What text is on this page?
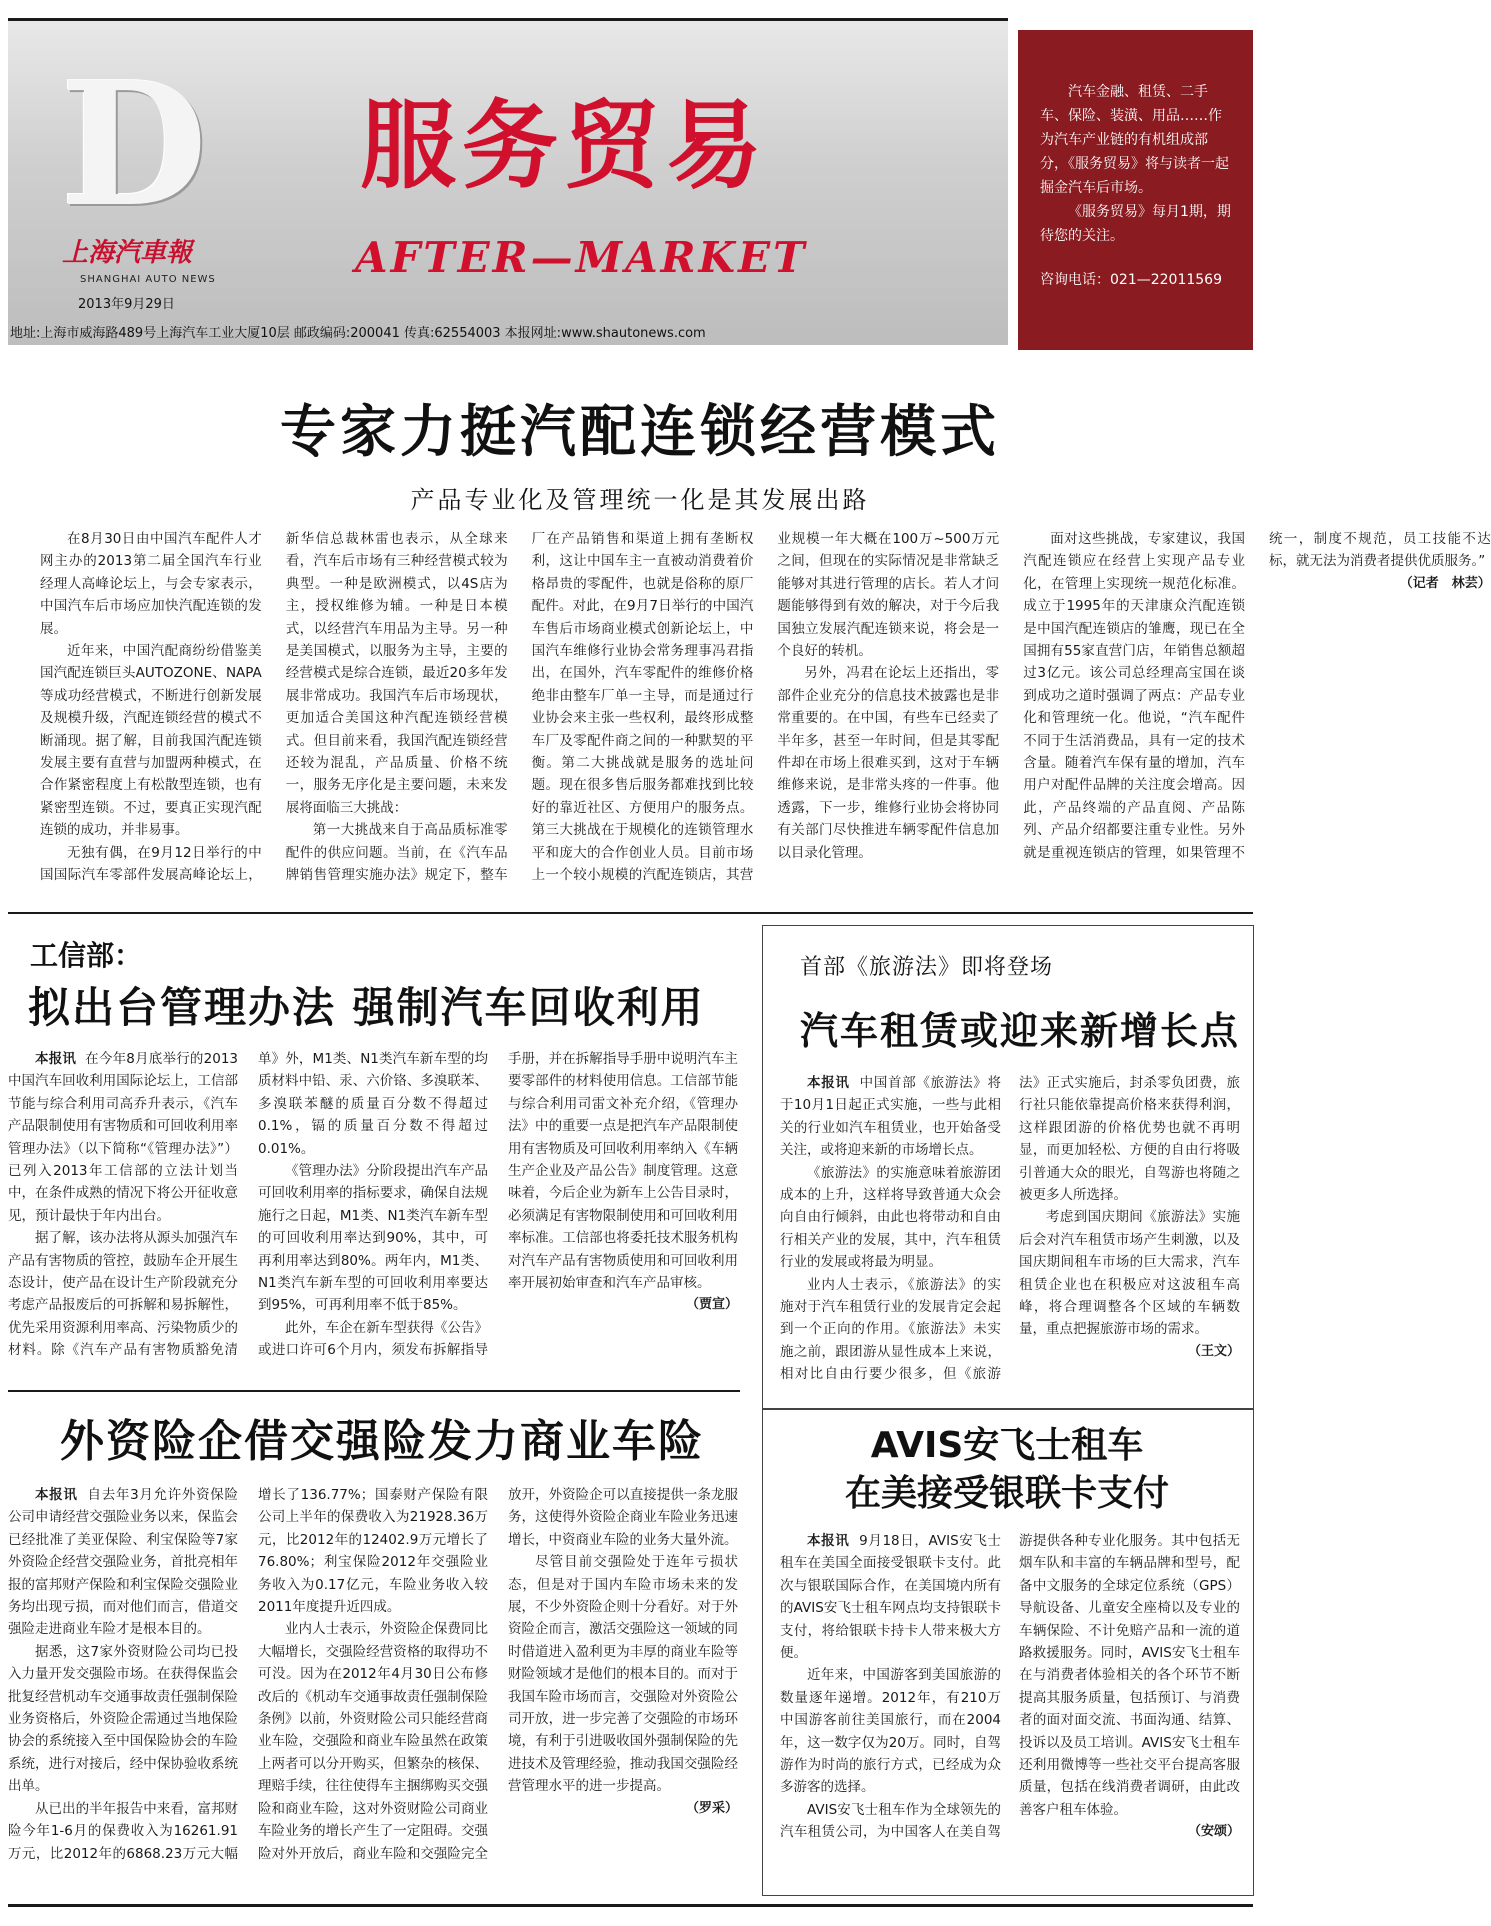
D
上海汽車報
SHANGHAI AUTO NEWS
2013年9月29日
服务贸易
AFTER—MARKET
地址:上海市威海路489号上海汽车工业大厦10层 邮政编码:200041 传真:62554003 本报网址:www.shautonews.com

汽车金融、租赁、二手车、保险、装潢、用品……作为汽车产业链的有机组成部分，《服务贸易》将与读者一起掘金汽车后市场。

《服务贸易》每月1期，期待您的关注。

咨询电话：021—22011569
专家力挺汽配连锁经营模式
产品专业化及管理统一化是其发展出路

在8月30日由中国汽车配件人才网主办的2013第二届全国汽车行业经理人高峰论坛上，与会专家表示，中国汽车后市场应加快汽配连锁的发展。

近年来，中国汽配商纷纷借鉴美国汽配连锁巨头AUTOZONE、NAPA等成功经营模式，不断进行创新发展及规模升级，汽配连锁经营的模式不断涌现。据了解，目前我国汽配连锁发展主要有直营与加盟两种模式，在合作紧密程度上有松散型连锁，也有紧密型连锁。不过，要真正实现汽配连锁的成功，并非易事。

无独有偶，在9月12日举行的中国国际汽车零部件发展高峰论坛上，新华信总裁林雷也表示，从全球来看，汽车后市场有三种经营模式较为典型。一种是欧洲模式，以4S店为主，授权维修为辅。一种是日本模式，以经营汽车用品为主导。另一种是美国模式，以服务为主导，主要的经营模式是综合连锁，最近20多年发展非常成功。我国汽车后市场现状，更加适合美国这种汽配连锁经营模式。但目前来看，我国汽配连锁经营还较为混乱，产品质量、价格不统一，服务无序化是主要问题，未来发展将面临三大挑战：

第一大挑战来自于高品质标准零配件的供应问题。当前，在《汽车品牌销售管理实施办法》规定下，整车厂在产品销售和渠道上拥有垄断权利，这让中国车主一直被动消费着价格昂贵的零配件，也就是俗称的原厂配件。对此，在9月7日举行的中国汽车售后市场商业模式创新论坛上，中国汽车维修行业协会常务理事冯君指出，在国外，汽车零配件的维修价格绝非由整车厂单一主导，而是通过行业协会来主张一些权利，最终形成整车厂及零配件商之间的一种默契的平衡。第二大挑战就是服务的选址问题。现在很多售后服务都难找到比较好的靠近社区、方便用户的服务点。第三大挑战在于规模化的连锁管理水平和庞大的合作创业人员。目前市场上一个较小规模的汽配连锁店，其营业规模一年大概在100万~500万元之间，但现在的实际情况是非常缺乏能够对其进行管理的店长。若人才问题能够得到有效的解决，对于今后我国独立发展汽配连锁来说，将会是一个良好的转机。

另外，冯君在论坛上还指出，零部件企业充分的信息技术披露也是非常重要的。在中国，有些车已经卖了半年多，甚至一年时间，但是其零配件却在市场上很难买到，这对于车辆维修来说，是非常头疼的一件事。他透露，下一步，维修行业协会将协同有关部门尽快推进车辆零配件信息加以目录化管理。

面对这些挑战，专家建议，我国汽配连锁应在经营上实现产品专业化，在管理上实现统一规范化标准。成立于1995年的天津康众汽配连锁是中国汽配连锁店的雏鹰，现已在全国拥有55家直营门店，年销售总额超过3亿元。该公司总经理高宝国在谈到成功之道时强调了两点：产品专业化和管理统一化。他说，“汽车配件不同于生活消费品，具有一定的技术含量。随着汽车保有量的增加，汽车用户对配件品牌的关注度会增高。因此，产品终端的产品直阅、产品陈列、产品介绍都要注重专业性。另外就是重视连锁店的管理，如果管理不统一，制度不规范，员工技能不达标，就无法为消费者提供优质服务。”

（记者　林芸）
工信部：
拟出台管理办法 强制汽车回收利用

本报讯 在今年8月底举行的2013中国汽车回收利用国际论坛上，工信部节能与综合利用司高乔升表示，《汽车产品限制使用有害物质和可回收利用率管理办法》（以下简称“《管理办法》”）已列入2013年工信部的立法计划当中，在条件成熟的情况下将公开征收意见，预计最快于年内出台。

据了解，该办法将从源头加强汽车产品有害物质的管控，鼓励车企开展生态设计，使产品在设计生产阶段就充分考虑产品报废后的可拆解和易拆解性，优先采用资源利用率高、污染物质少的材料。除《汽车产品有害物质豁免清单》外，M1类、N1类汽车新车型的均质材料中铅、汞、六价铬、多溴联苯、多溴联苯醚的质量百分数不得超过0.1%，镉的质量百分数不得超过0.01%。

《管理办法》分阶段提出汽车产品可回收利用率的指标要求，确保自法规施行之日起，M1类、N1类汽车新车型的可回收利用率达到90%，其中，可再利用率达到80%。两年内，M1类、N1类汽车新车型的可回收利用率要达到95%，可再利用率不低于85%。

此外，车企在新车型获得《公告》或进口许可6个月内，须发布拆解指导手册，并在拆解指导手册中说明汽车主要零部件的材料使用信息。工信部节能与综合利用司雷文补充介绍，《管理办法》中的重要一点是把汽车产品限制使用有害物质及可回收利用率纳入《车辆生产企业及产品公告》制度管理。这意味着，今后企业为新车上公告目录时，必须满足有害物限制使用和可回收利用率标准。工信部也将委托技术服务机构对汽车产品有害物质使用和可回收利用率开展初始审查和汽车产品审核。

（贾宣）
首部《旅游法》即将登场
汽车租赁或迎来新增长点

本报讯 中国首部《旅游法》将于10月1日起正式实施，一些与此相关的行业如汽车租赁业，也开始备受关注，或将迎来新的市场增长点。

《旅游法》的实施意味着旅游团成本的上升，这样将导致普通大众会向自由行倾斜，由此也将带动和自由行相关产业的发展，其中，汽车租赁行业的发展或将最为明显。

业内人士表示，《旅游法》的实施对于汽车租赁行业的发展肯定会起到一个正向的作用。《旅游法》未实施之前，跟团游从显性成本上来说，相对比自由行要少很多，但《旅游法》正式实施后，封杀零负团费，旅行社只能依靠提高价格来获得利润，这样跟团游的价格优势也就不再明显，而更加轻松、方便的自由行将吸引普通大众的眼光，自驾游也将随之被更多人所选择。

考虑到国庆期间《旅游法》实施后会对汽车租赁市场产生刺激，以及国庆期间租车市场的巨大需求，汽车租赁企业也在积极应对这波租车高峰，将合理调整各个区域的车辆数量，重点把握旅游市场的需求。

（王文）
外资险企借交强险发力商业车险

本报讯 自去年3月允许外资保险公司申请经营交强险业务以来，保监会已经批准了美亚保险、利宝保险等7家外资险企经营交强险业务，首批亮相年报的富邦财产保险和利宝保险交强险业务均出现亏损，而对他们而言，借道交强险走进商业车险才是根本目的。

据悉，这7家外资财险公司均已投入力量开发交强险市场。在获得保监会批复经营机动车交通事故责任强制保险业务资格后，外资险企需通过当地保险协会的系统接入至中国保险协会的车险系统，进行对接后，经中保协验收系统出单。

从已出的半年报告中来看，富邦财险今年1-6月的保费收入为16261.91万元，比2012年的6868.23万元大幅增长了136.77%；国泰财产保险有限公司上半年的保费收入为21928.36万元，比2012年的12402.9万元增长了76.80%；利宝保险2012年交强险业务收入为0.17亿元，车险业务收入较2011年度提升近四成。

业内人士表示，外资险企保费同比大幅增长，交强险经营资格的取得功不可没。因为在2012年4月30日公布修改后的《机动车交通事故责任强制保险条例》以前，外资财险公司只能经营商业车险，交强险和商业车险虽然在政策上两者可以分开购买，但繁杂的核保、理赔手续，往往使得车主捆绑购买交强险和商业车险，这对外资财险公司商业车险业务的增长产生了一定阻碍。交强险对外开放后，商业车险和交强险完全放开，外资险企可以直接提供一条龙服务，这使得外资险企商业车险业务迅速增长，中资商业车险的业务大量外流。

尽管目前交强险处于连年亏损状态，但是对于国内车险市场未来的发展，不少外资险企则十分看好。对于外资险企而言，激活交强险这一领域的同时借道进入盈利更为丰厚的商业车险等财险领域才是他们的根本目的。而对于我国车险市场而言，交强险对外资险公司开放，进一步完善了交强险的市场环境，有利于引进吸收国外强制保险的先进技术及管理经验，推动我国交强险经营管理水平的进一步提高。

（罗采）
AVIS安飞士租车
在美接受银联卡支付

本报讯 9月18日，AVIS安飞士租车在美国全面接受银联卡支付。此次与银联国际合作，在美国境内所有的AVIS安飞士租车网点均支持银联卡支付，将给银联卡持卡人带来极大方便。

近年来，中国游客到美国旅游的数量逐年递增。2012年，有210万中国游客前往美国旅行，而在2004年，这一数字仅为20万。同时，自驾游作为时尚的旅行方式，已经成为众多游客的选择。

AVIS安飞士租车作为全球领先的汽车租赁公司，为中国客人在美自驾游提供各种专业化服务。其中包括无烟车队和丰富的车辆品牌和型号，配备中文服务的全球定位系统（GPS）导航设备、儿童安全座椅以及专业的车辆保险、不计免赔产品和一流的道路救援服务。同时，AVIS安飞士租车在与消费者体验相关的各个环节不断提高其服务质量，包括预订、与消费者的面对面交流、书面沟通、结算、投诉以及员工培训。AVIS安飞士租车还利用微博等一些社交平台提高客服质量，包括在线消费者调研，由此改善客户租车体验。

（安颂）
